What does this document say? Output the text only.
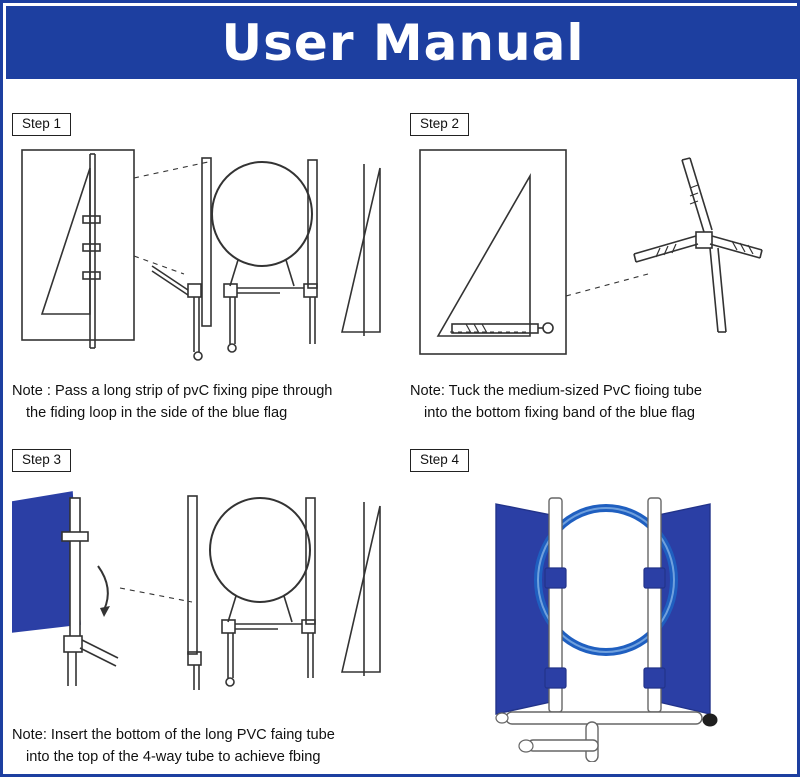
User Manual
Step 1
Note : Pass a long strip of pvC fixing pipe through
the fiding loop in the side of the blue flag
Step 2
Note: Tuck the medium-sized PvC fioing tube
into the bottom fixing band of the blue flag
Step 3
Note: Insert the bottom of the long PVC faing tube
into the top of the 4-way tube to achieve fbing
Step 4
